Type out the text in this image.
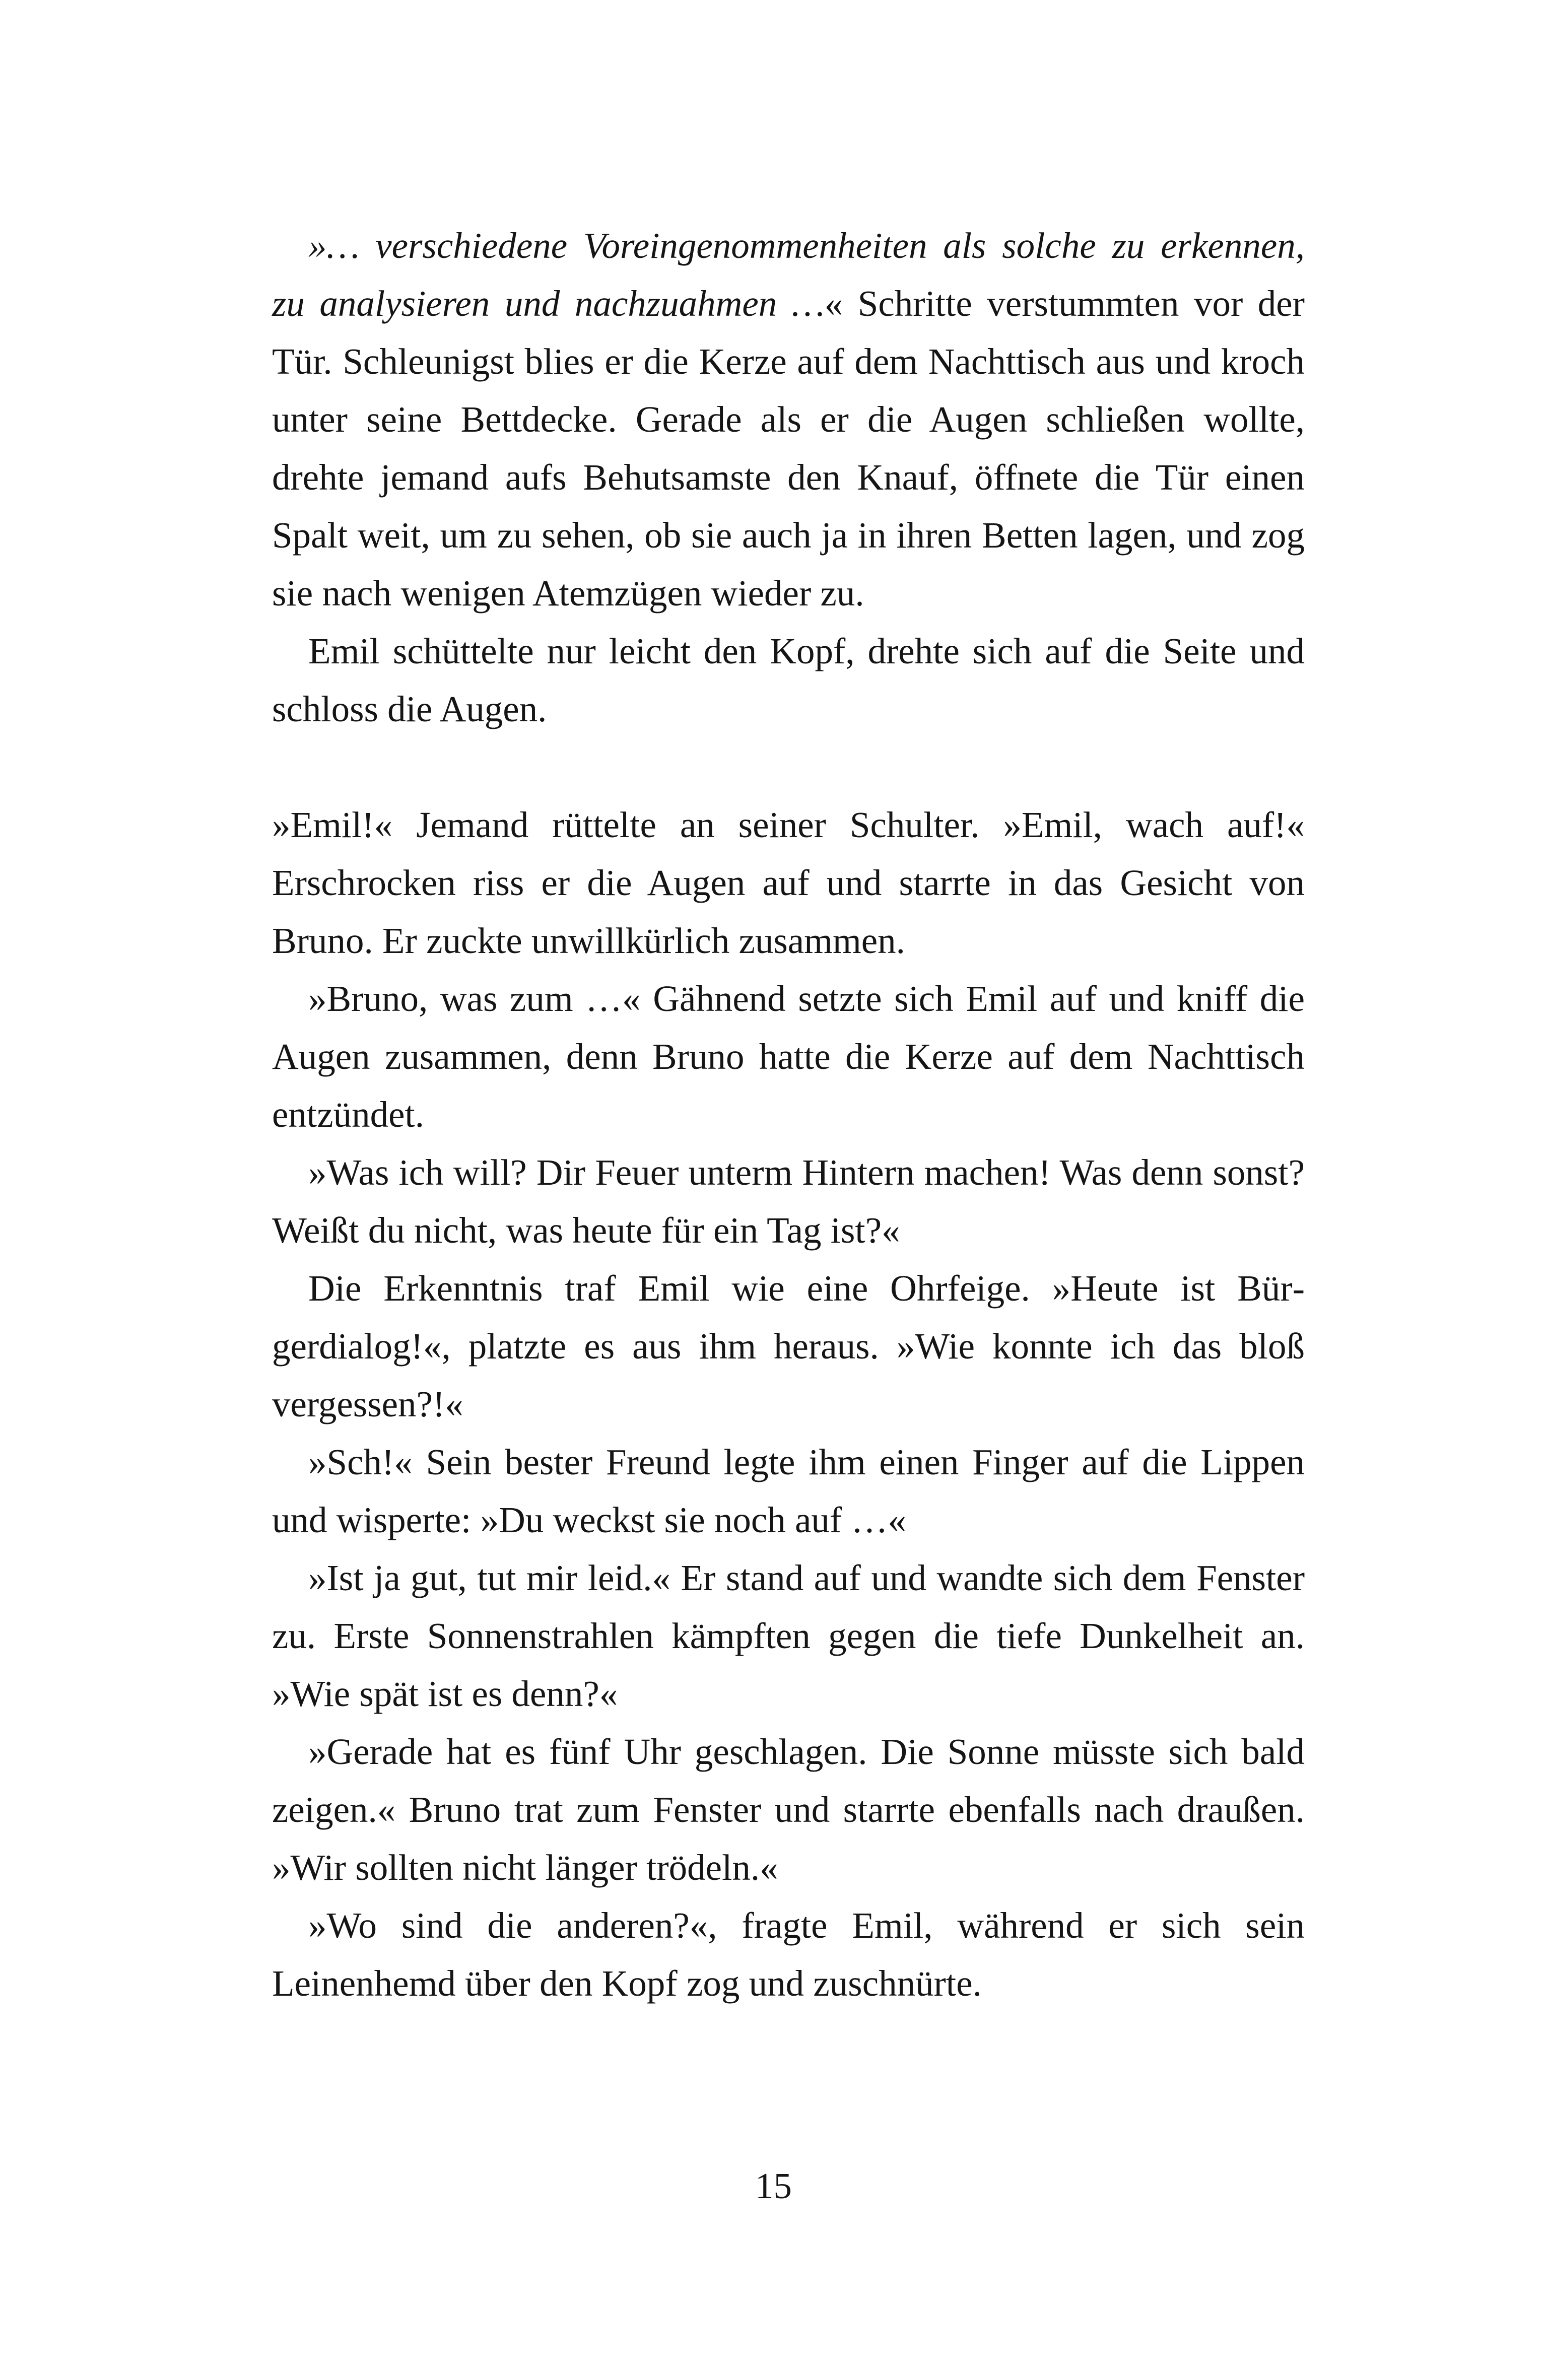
»… verschiedene Voreingenommenheiten als solche zu erkennen, zu analysieren und nachzuahmen …« Schritte verstummten vor der Tür. Schleunigst blies er die Kerze auf dem Nachttisch aus und kroch unter seine Bettdecke. Gerade als er die Augen schließen wollte, drehte jemand aufs Behutsamste den Knauf, öffnete die Tür einen Spalt weit, um zu sehen, ob sie auch ja in ihren Betten lagen, und zog sie nach wenigen Atemzügen wieder zu.

Emil schüttelte nur leicht den Kopf, drehte sich auf die Seite und schloss die Augen.

»Emil!« Jemand rüttelte an seiner Schulter. »Emil, wach auf!« Erschrocken riss er die Augen auf und starrte in das Gesicht von Bruno. Er zuckte unwillkürlich zusammen.

»Bruno, was zum …« Gähnend setzte sich Emil auf und kniff die Augen zusammen, denn Bruno hatte die Kerze auf dem Nachttisch entzündet.

»Was ich will? Dir Feuer unterm Hintern machen! Was denn sonst? Weißt du nicht, was heute für ein Tag ist?«

Die Erkenntnis traf Emil wie eine Ohrfeige. »Heute ist Bürgerdialog!«, platzte es aus ihm heraus. »Wie konnte ich das bloß vergessen?!«

»Sch!« Sein bester Freund legte ihm einen Finger auf die Lippen und wisperte: »Du weckst sie noch auf …«

»Ist ja gut, tut mir leid.« Er stand auf und wandte sich dem Fenster zu. Erste Sonnenstrahlen kämpften gegen die tiefe Dunkelheit an. »Wie spät ist es denn?«

»Gerade hat es fünf Uhr geschlagen. Die Sonne müsste sich bald zeigen.« Bruno trat zum Fenster und starrte ebenfalls nach draußen. »Wir sollten nicht länger trödeln.«

»Wo sind die anderen?«, fragte Emil, während er sich sein Leinenhemd über den Kopf zog und zuschnürte.

15
